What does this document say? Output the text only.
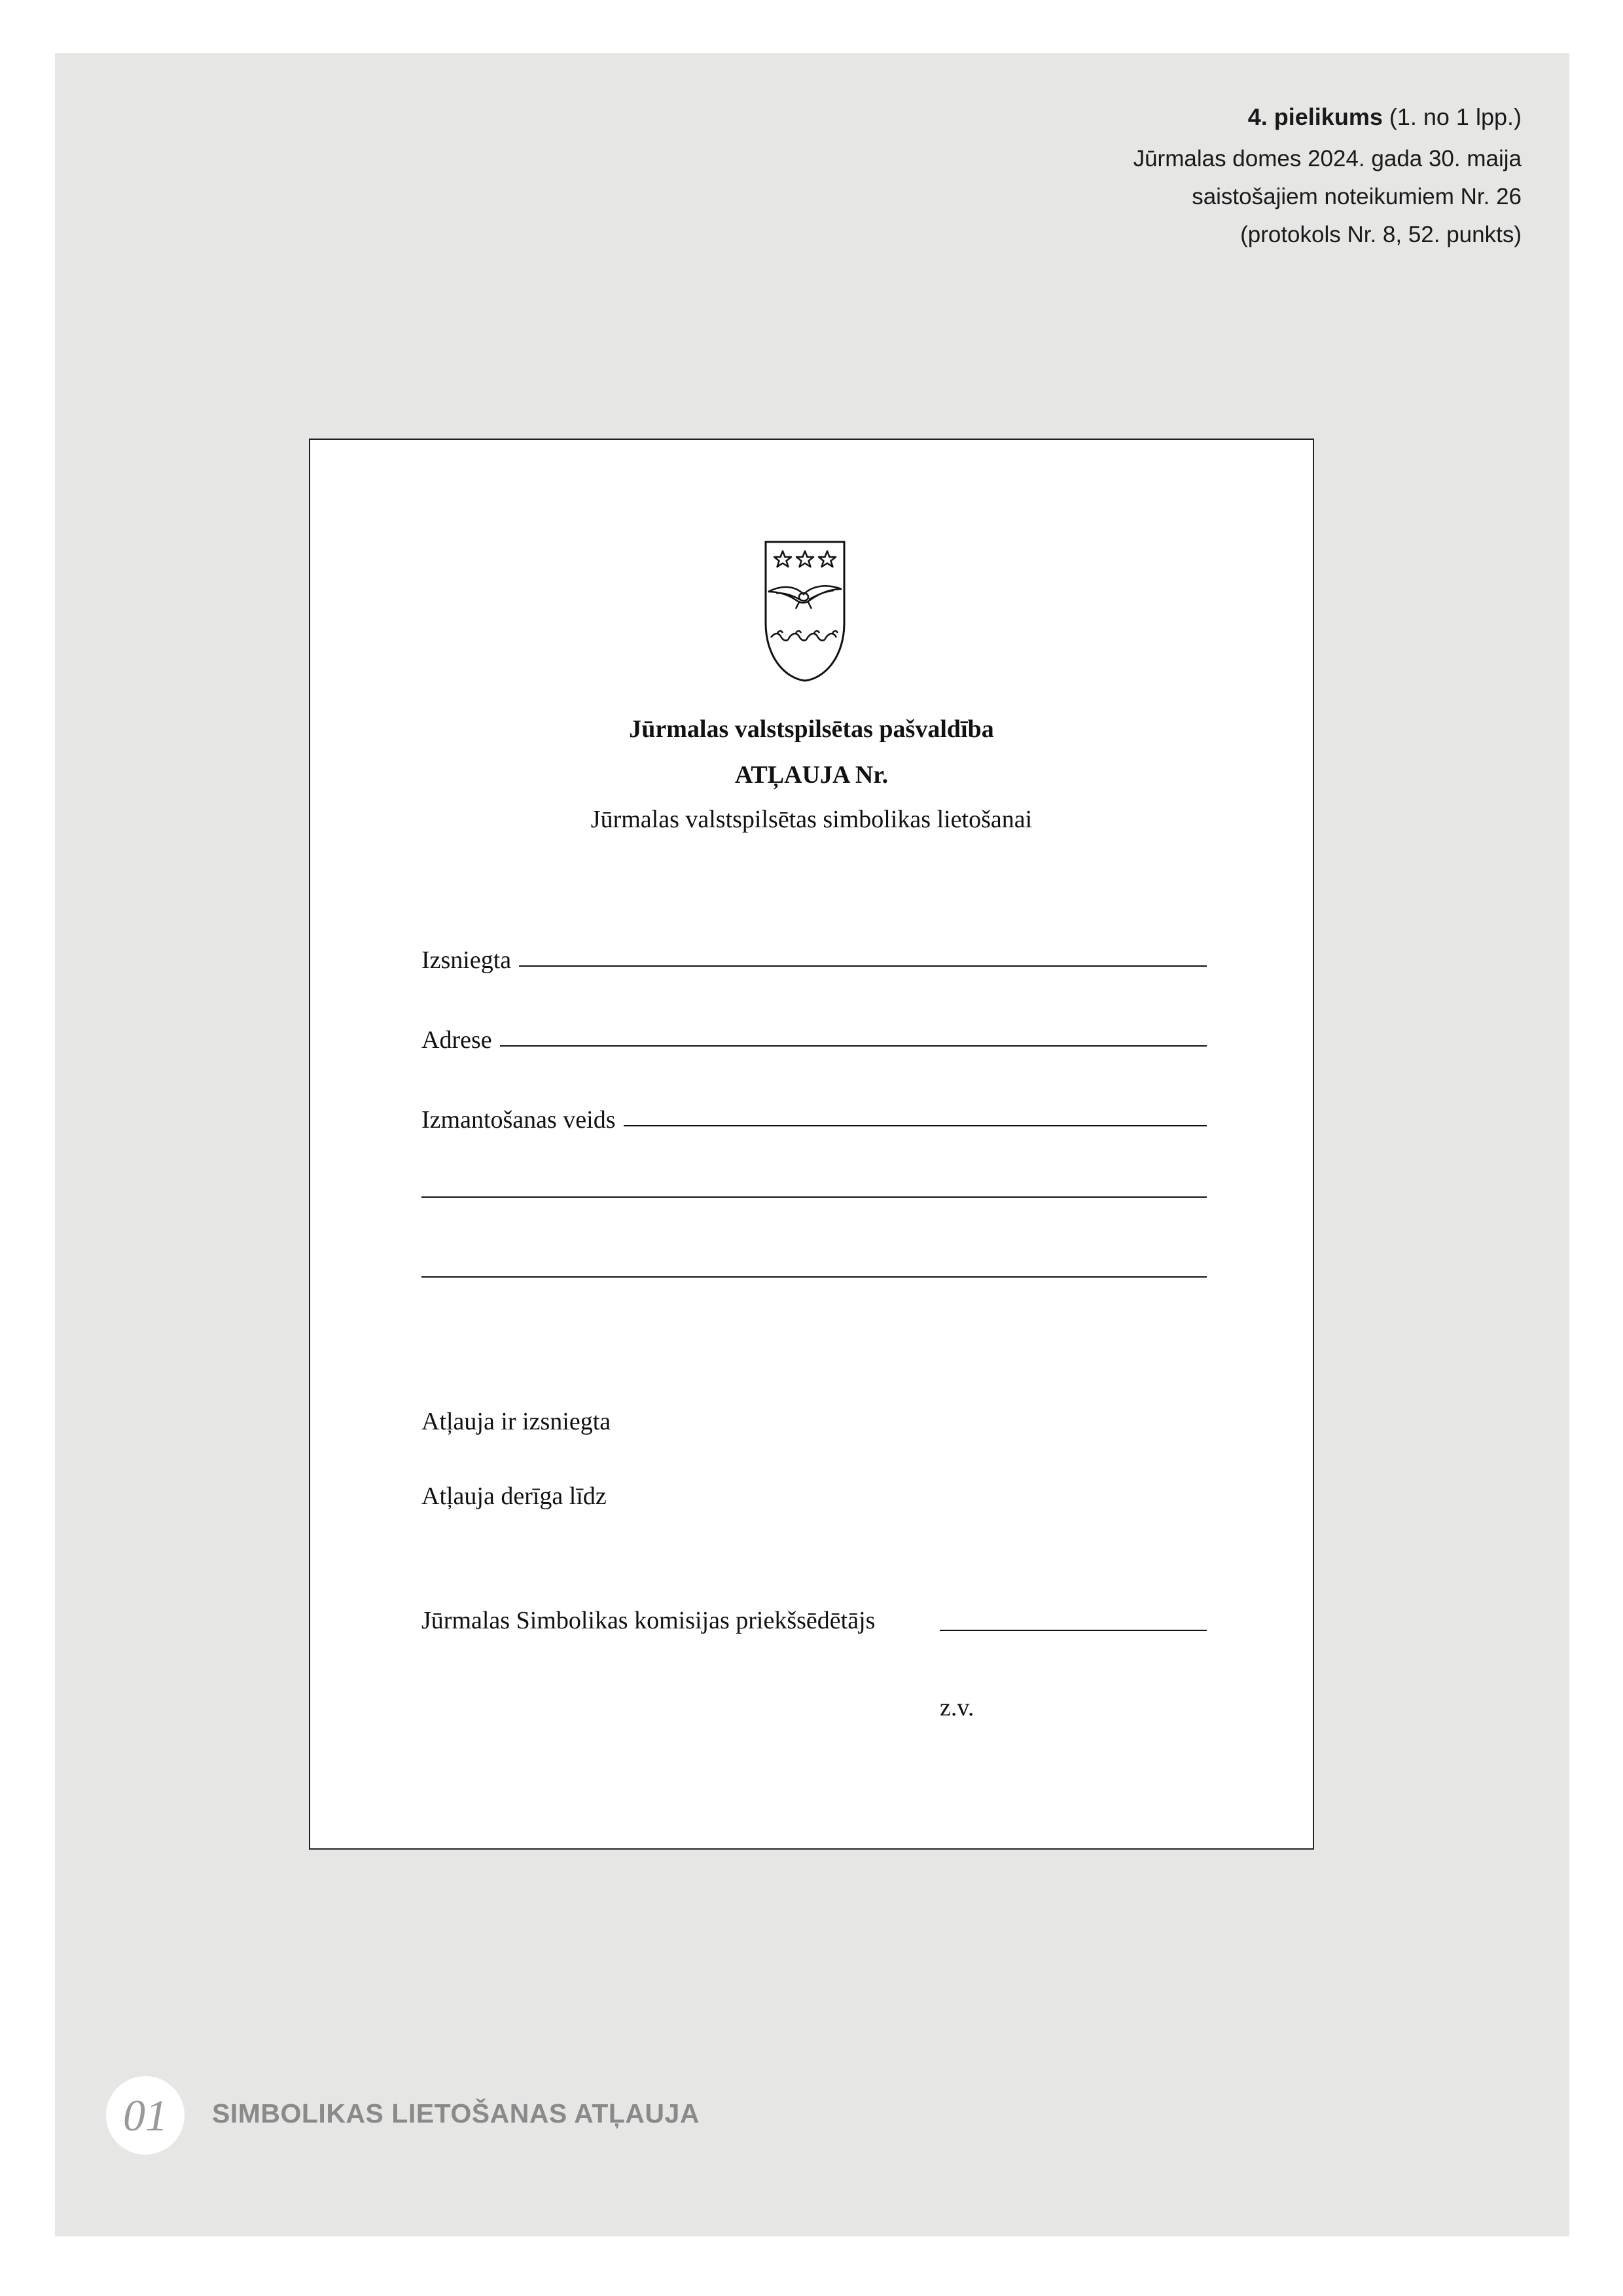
4. pielikums (1. no 1 lpp.)
Jūrmalas domes 2024. gada 30. maija
saistošajiem noteikumiem Nr. 26
(protokols Nr. 8, 52. punkts)
Jūrmalas valstspilsētas pašvaldība
ATĻAUJA Nr.
Jūrmalas valstspilsētas simbolikas lietošanai
Izsniegta
Adrese
Izmantošanas veids
Atļauja ir izsniegta
Atļauja derīga līdz
Jūrmalas Simbolikas komisijas priekšsēdētājs
z.v.
01 SIMBOLIKAS LIETOŠANAS ATĻAUJA
